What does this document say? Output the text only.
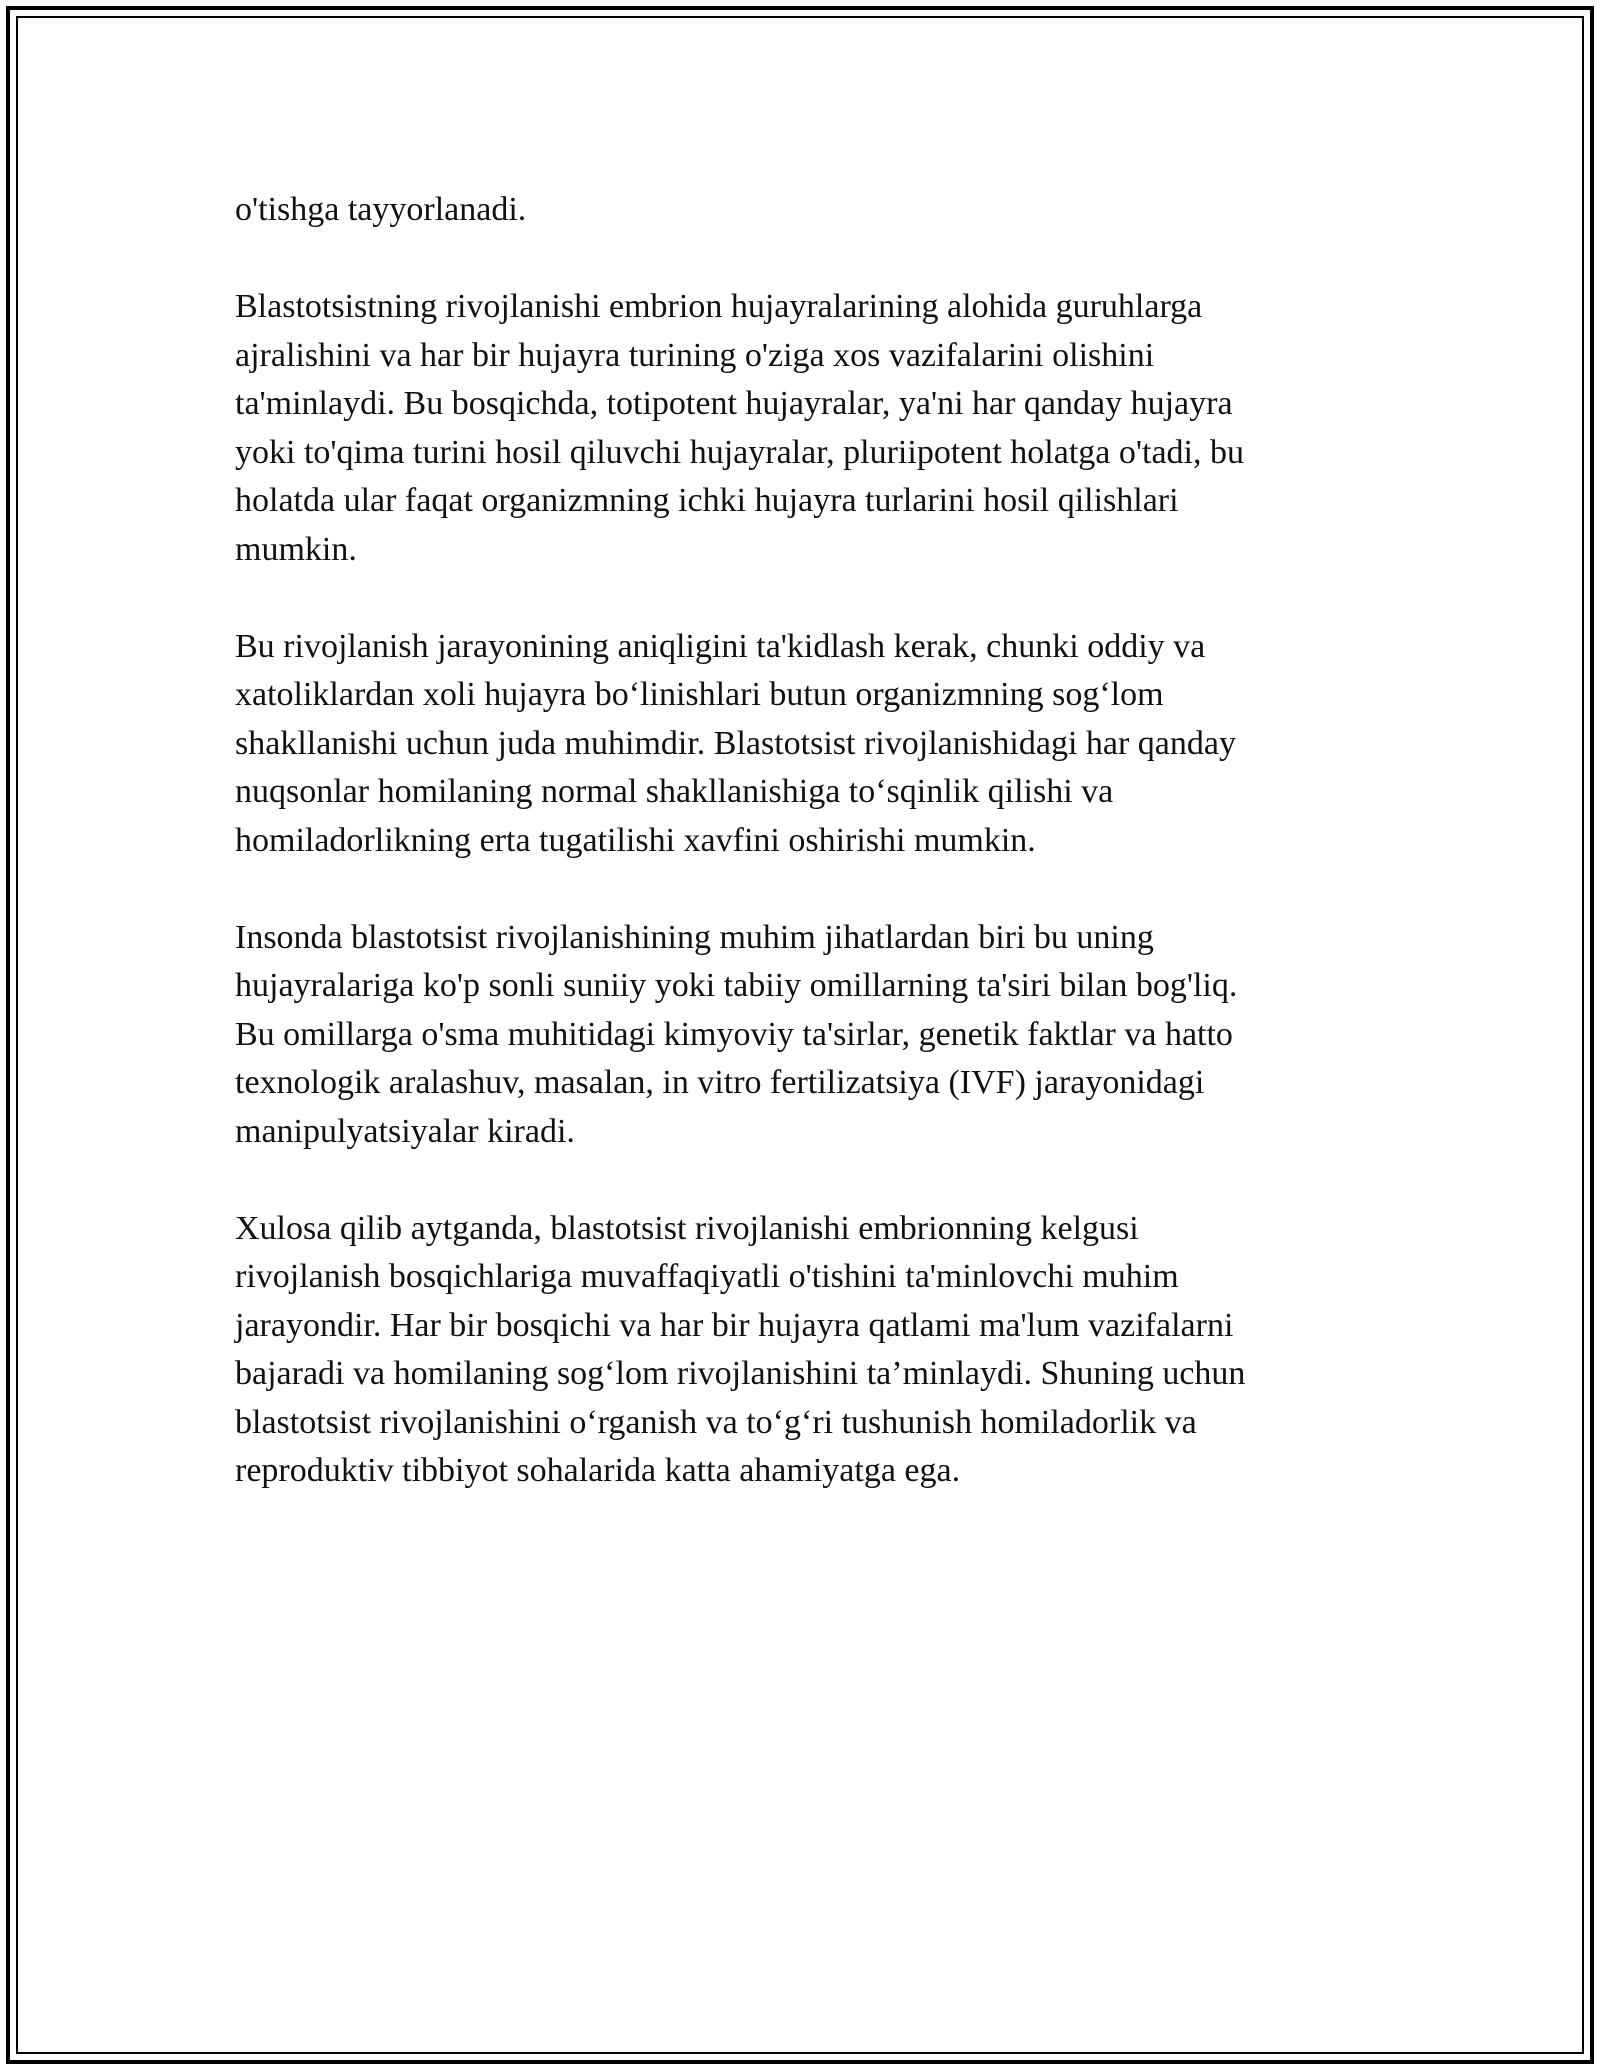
o'tishga tayyorlanadi.

Blastotsistning rivojlanishi embrion hujayralarining alohida guruhlarga
ajralishini va har bir hujayra turining o'ziga xos vazifalarini olishini
ta'minlaydi. Bu bosqichda, totipotent hujayralar, ya'ni har qanday hujayra
yoki to'qima turini hosil qiluvchi hujayralar, pluriipotent holatga o'tadi, bu
holatda ular faqat organizmning ichki hujayra turlarini hosil qilishlari
mumkin.

Bu rivojlanish jarayonining aniqligini ta'kidlash kerak, chunki oddiy va
xatoliklardan xoli hujayra bo‘linishlari butun organizmning sog‘lom
shakllanishi uchun juda muhimdir. Blastotsist rivojlanishidagi har qanday
nuqsonlar homilaning normal shakllanishiga to‘sqinlik qilishi va
homiladorlikning erta tugatilishi xavfini oshirishi mumkin.

Insonda blastotsist rivojlanishining muhim jihatlardan biri bu uning
hujayralariga ko'p sonli suniiy yoki tabiiy omillarning ta'siri bilan bog'liq.
Bu omillarga o'sma muhitidagi kimyoviy ta'sirlar, genetik faktlar va hatto
texnologik aralashuv, masalan, in vitro fertilizatsiya (IVF) jarayonidagi
manipulyatsiyalar kiradi.

Xulosa qilib aytganda, blastotsist rivojlanishi embrionning kelgusi
rivojlanish bosqichlariga muvaffaqiyatli o'tishini ta'minlovchi muhim
jarayondir. Har bir bosqichi va har bir hujayra qatlami ma'lum vazifalarni
bajaradi va homilaning sog‘lom rivojlanishini ta’minlaydi. Shuning uchun
blastotsist rivojlanishini o‘rganish va to‘g‘ri tushunish homiladorlik va
reproduktiv tibbiyot sohalarida katta ahamiyatga ega.
